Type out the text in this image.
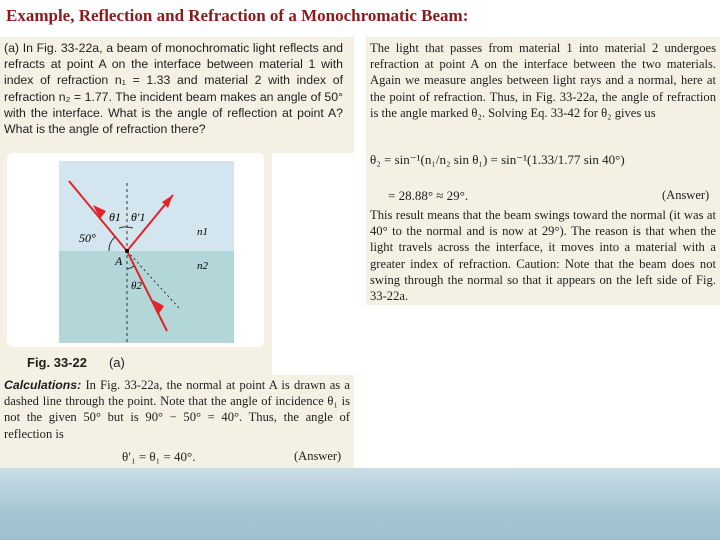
Example, Reflection and Refraction of a Monochromatic Beam:
(a) In Fig. 33-22a, a beam of monochromatic light reflects and refracts at point A on the interface between material 1 with index of refraction n₁ = 1.33 and material 2 with index of refraction n₂ = 1.77. The incident beam makes an angle of 50° with the interface. What is the angle of reflection at point A? What is the angle of refraction there?
θ1 θ′1
50°
A
θ2
n1
n2
Fig. 33-22 (a)
Calculations: In Fig. 33-22a, the normal at point A is drawn as a dashed line through the point. Note that the angle of incidence θ₁ is not the given 50° but is 90° − 50° = 40°. Thus, the angle of reflection is
θ′₁ = θ₁ = 40°.	(Answer)
The light that passes from material 1 into material 2 undergoes refraction at point A on the interface between the two materials. Again we measure angles between light rays and a normal, here at the point of refraction. Thus, in Fig. 33-22a, the angle of refraction is the angle marked θ₂. Solving Eq. 33-42 for θ₂ gives us
θ₂ = sin⁻¹(n₁/n₂ sin θ₁) = sin⁻¹(1.33/1.77 sin 40°)
= 28.88° ≈ 29°.	(Answer)
This result means that the beam swings toward the normal (it was at 40° to the normal and is now at 29°). The reason is that when the light travels across the interface, it moves into a material with a greater index of refraction. Caution: Note that the beam does not swing through the normal so that it appears on the left side of Fig. 33-22a.
